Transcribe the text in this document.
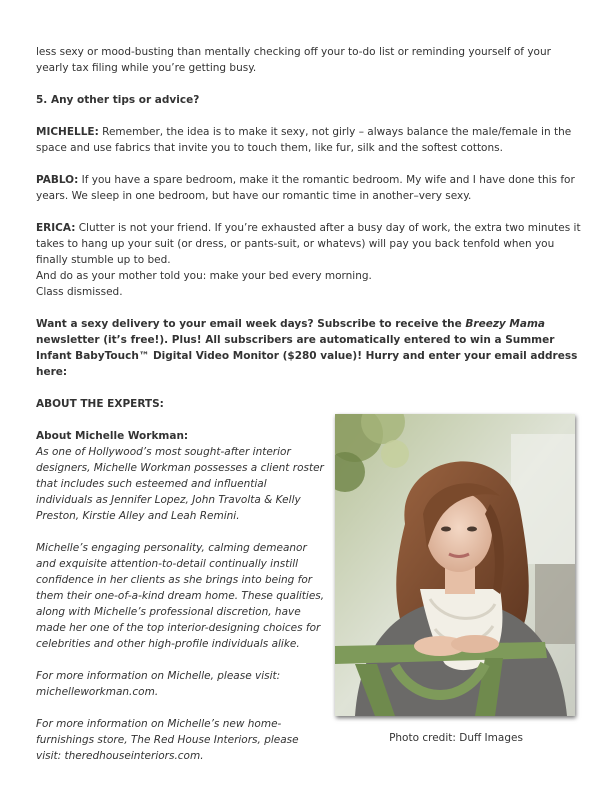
less sexy or mood-busting than mentally checking off your to-do list or reminding yourself of your yearly tax filing while you’re getting busy.

5. Any other tips or advice?

MICHELLE: Remember, the idea is to make it sexy, not girly – always balance the male/female in the space and use fabrics that invite you to touch them, like fur, silk and the softest cottons.

PABLO: If you have a spare bedroom, make it the romantic bedroom. My wife and I have done this for years. We sleep in one bedroom, but have our romantic time in another–very sexy.

ERICA: Clutter is not your friend. If you’re exhausted after a busy day of work, the extra two minutes it takes to hang up your suit (or dress, or pants-suit, or whatevs) will pay you back tenfold when you finally stumble up to bed.

And do as your mother told you: make your bed every morning.

Class dismissed.

Want a sexy delivery to your email week days? Subscribe to receive the Breezy Mama newsletter (it’s free!). Plus! All subscribers are automatically entered to win a Summer Infant BabyTouch™ Digital Video Monitor ($280 value)! Hurry and enter your email address here:

ABOUT THE EXPERTS:

About Michelle Workman:

As one of Hollywood’s most sought-after interior designers, Michelle Workman possesses a client roster that includes such esteemed and influential individuals as Jennifer Lopez, John Travolta & Kelly Preston, Kirstie Alley and Leah Remini.

Michelle’s engaging personality, calming demeanor and exquisite attention-to-detail continually instill confidence in her clients as she brings into being for them their one-of-a-kind dream home. These qualities, along with Michelle’s professional discretion, have made her one of the top interior-designing choices for celebrities and other high-profile individuals alike.

For more information on Michelle, please visit: michelleworkman.com.

For more information on Michelle’s new home-furnishings store, The Red House Interiors, please visit: theredhouseinteriors.com.

Photo credit: Duff Images
